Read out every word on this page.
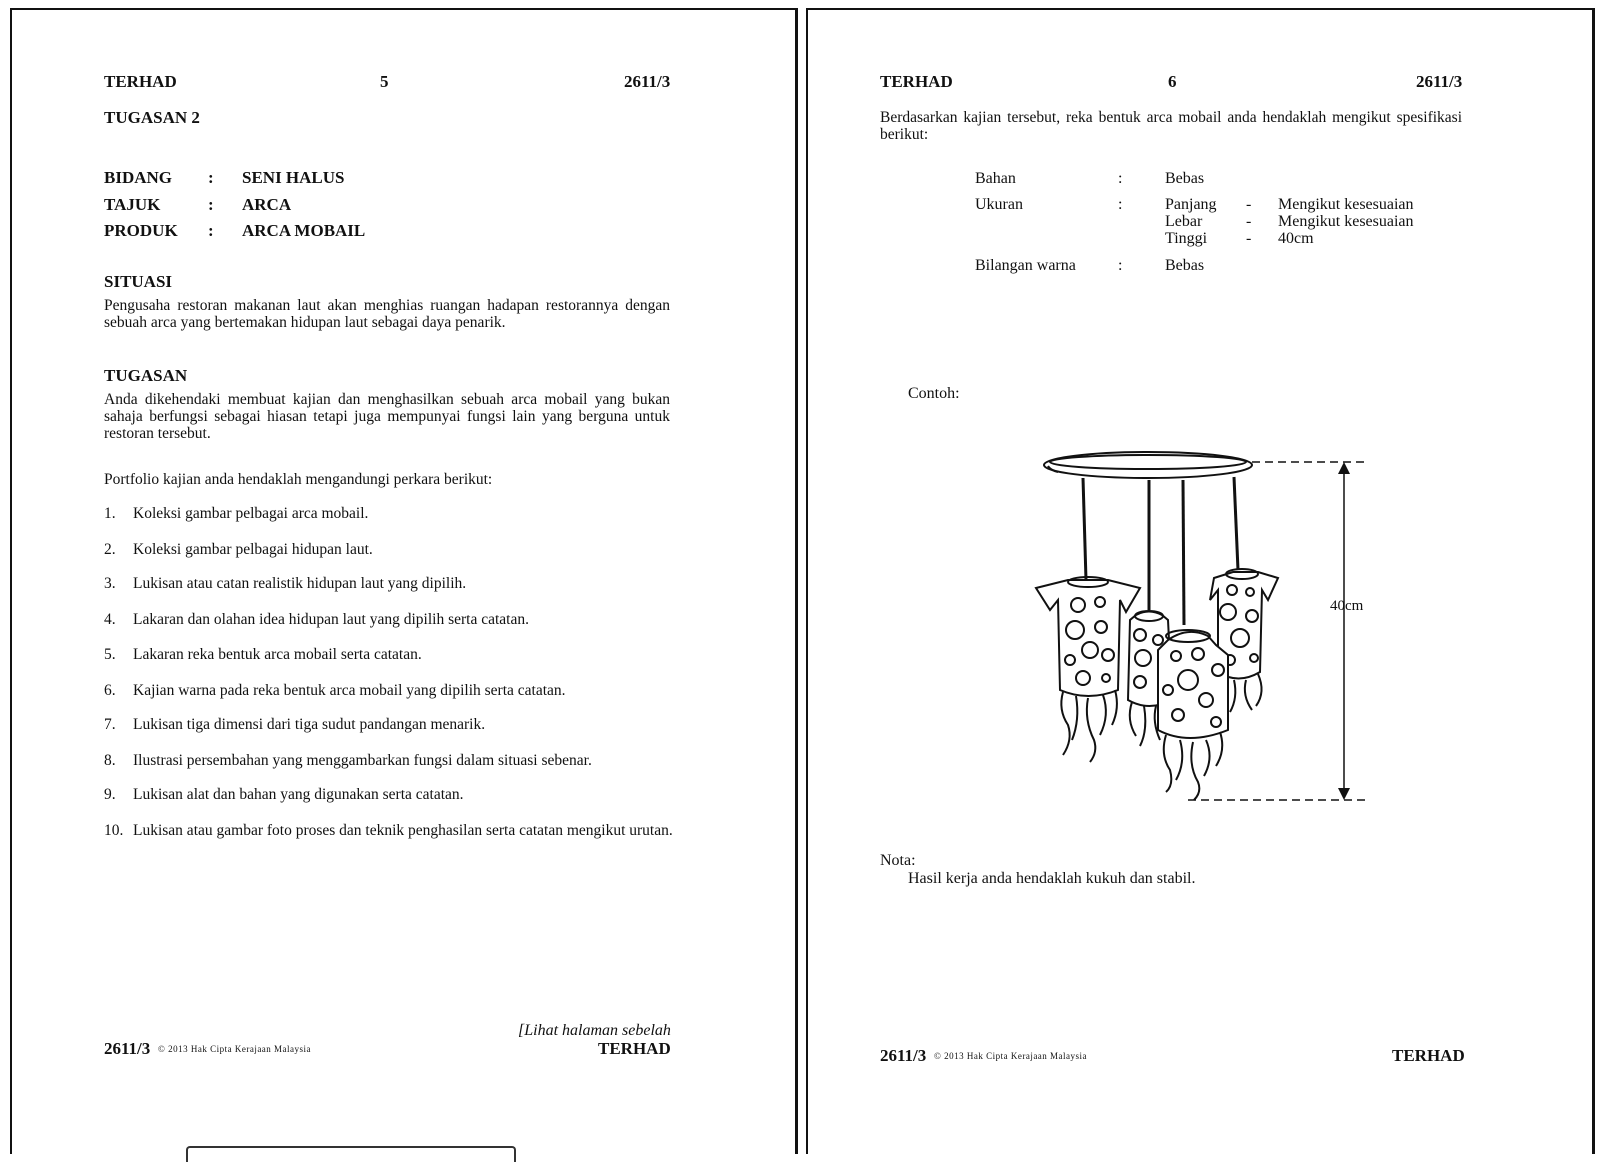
TERHAD	5	2611/3
TUGASAN 2
BIDANG : SENI HALUS
TAJUK	: ARCA
PRODUK : ARCA MOBAIL
SITUASI
Pengusaha restoran makanan laut akan menghias ruangan hadapan restorannya dengan sebuah arca yang bertemakan hidupan laut sebagai daya penarik.
TUGASAN
Anda dikehendaki membuat kajian dan menghasilkan sebuah arca mobail yang bukan sahaja berfungsi sebagai hiasan tetapi juga mempunyai fungsi lain yang berguna untuk restoran tersebut.
Portfolio kajian anda hendaklah mengandungi perkara berikut:
1. Koleksi gambar pelbagai arca mobail.
2. Koleksi gambar pelbagai hidupan laut.
3. Lukisan atau catan realistik hidupan laut yang dipilih.
4. Lakaran dan olahan idea hidupan laut yang dipilih serta catatan.
5. Lakaran reka bentuk arca mobail serta catatan.
6. Kajian warna pada reka bentuk arca mobail yang dipilih serta catatan.
7. Lukisan tiga dimensi dari tiga sudut pandangan menarik.
8. Ilustrasi persembahan yang menggambarkan fungsi dalam situasi sebenar.
9. Lukisan alat dan bahan yang digunakan serta catatan.
10. Lukisan atau gambar foto proses dan teknik penghasilan serta catatan mengikut urutan.
[Lihat halaman sebelah
2611/3 © 2013 Hak Cipta Kerajaan Malaysia	TERHAD
TERHAD	6	2611/3
Berdasarkan kajian tersebut, reka bentuk arca mobail anda hendaklah mengikut spesifikasi berikut:
Bahan	:	Bebas
Ukuran	:	Panjang - Mengikut kesesuaian
Lebar	- Mengikut kesesuaian
Tinggi - 40cm
Bilangan warna	:	Bebas
Contoh:
40cm
Nota:
Hasil kerja anda hendaklah kukuh dan stabil.
2611/3 © 2013 Hak Cipta Kerajaan Malaysia	TERHAD
